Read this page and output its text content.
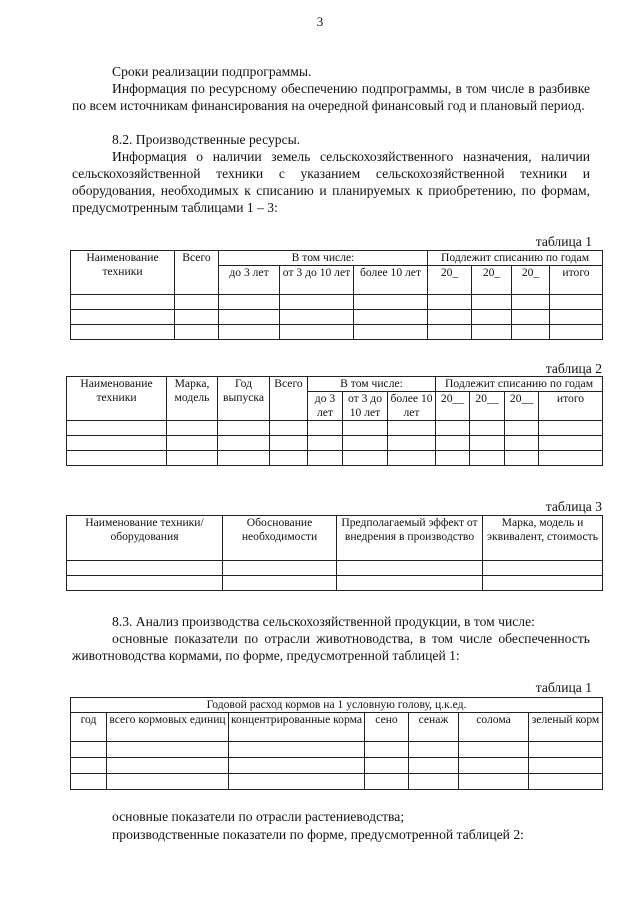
3

Сроки реализации подпрограммы.

Информация по ресурсному обеспечению подпрограммы, в том числе в разбивке по всем источникам финансирования на очередной финансовый год и плановый период.

8.2. Производственные ресурсы.

Информация о наличии земель сельскохозяйственного назначения, наличии сельскохозяйственной техники с указанием сельскохозяйственной техники и оборудования, необходимых к списанию и планируемых к приобретению, по формам, предусмотренным таблицами 1 – 3:

таблица 1
Наименование техники	Всего	В том числе:			Подлежит списанию по годам			
		до 3 лет	от 3 до 10 лет	более 10 лет	20_	20_	20_	итого

таблица 2
Наименование техники	Марка, модель	Год выпуска	Всего	В том числе:			Подлежит списанию по годам			
				до 3 лет	от 3 до 10 лет	более 10 лет	20__	20__	20__	итого

таблица 3
Наименование техники/оборудования	Обоснование необходимости	Предполагаемый эффект от внедрения в производство	Марка, модель и эквивалент, стоимость

8.3. Анализ производства сельскохозяйственной продукции, в том числе:

основные показатели по отрасли животноводства, в том числе обеспеченность животноводства кормами, по форме, предусмотренной таблицей 1:

таблица 1
Годовой расход кормов на 1 условную голову, ц.к.ед.						
год	всего кормовых единиц	концентрированные корма	сено	сенаж	солома	зеленый корм

основные показатели по отрасли растениеводства;

производственные показатели по форме, предусмотренной таблицей 2:
